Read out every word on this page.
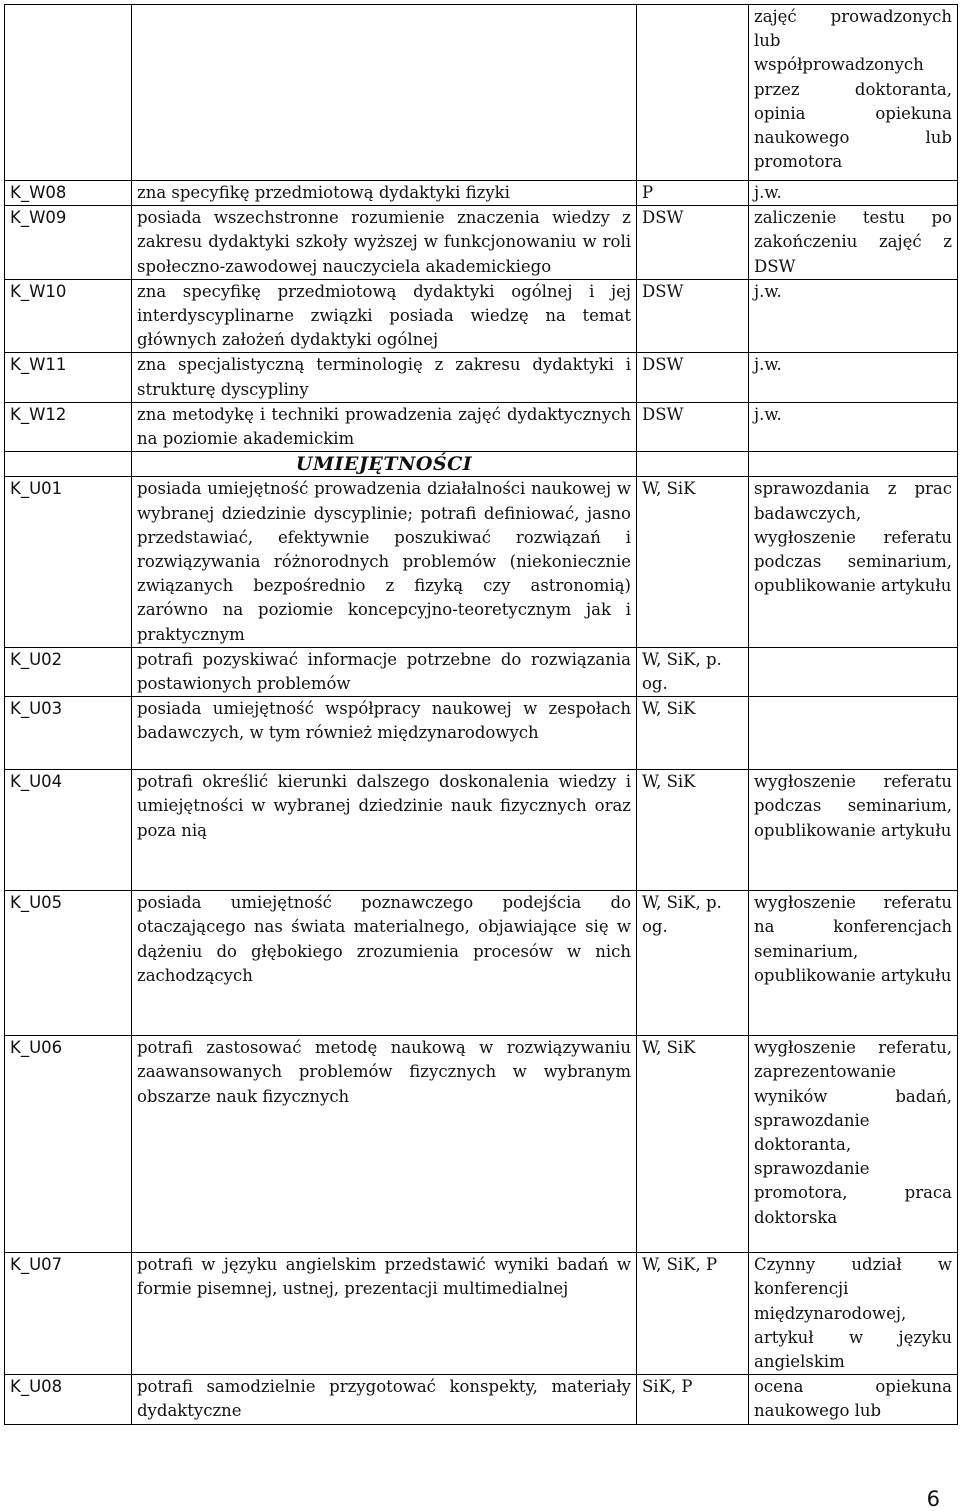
			zajęć prowadzonych lub współprowadzonych przez doktoranta, opinia opiekuna naukowego lub promotora
K_W08	zna specyfikę przedmiotową dydaktyki fizyki	P	j.w.
K_W09	posiada wszechstronne rozumienie znaczenia wiedzy z zakresu dydaktyki szkoły wyższej w funkcjonowaniu w roli społeczno-zawodowej nauczyciela akademickiego	DSW	zaliczenie testu po zakończeniu zajęć z DSW
K_W10	zna specyfikę przedmiotową dydaktyki ogólnej i jej interdyscyplinarne związki posiada wiedzę na temat głównych założeń dydaktyki ogólnej	DSW	j.w.
K_W11	zna specjalistyczną terminologię z zakresu dydaktyki i strukturę dyscypliny	DSW	j.w.
K_W12	zna metodykę i techniki prowadzenia zajęć dydaktycznych na poziomie akademickim	DSW	j.w.
	UMIEJĘTNOŚCI		
K_U01	posiada umiejętność prowadzenia działalności naukowej w wybranej dziedzinie dyscyplinie; potrafi definiować, jasno przedstawiać, efektywnie poszukiwać rozwiązań i rozwiązywania różnorodnych problemów (niekoniecznie związanych bezpośrednio z fizyką czy astronomią) zarówno na poziomie koncepcyjno-teoretycznym jak i praktycznym	W, SiK	sprawozdania z prac badawczych, wygłoszenie referatu podczas seminarium, opublikowanie artykułu
K_U02	potrafi pozyskiwać informacje potrzebne do rozwiązania postawionych problemów	W, SiK, p. og.	
K_U03	posiada umiejętność współpracy naukowej w zespołach badawczych, w tym również międzynarodowych	W, SiK	
K_U04	potrafi określić kierunki dalszego doskonalenia wiedzy i umiejętności w wybranej dziedzinie nauk fizycznych oraz poza nią	W, SiK	wygłoszenie referatu podczas seminarium, opublikowanie artykułu
K_U05	posiada umiejętność poznawczego podejścia do otaczającego nas świata materialnego, objawiające się w dążeniu do głębokiego zrozumienia procesów w nich zachodzących	W, SiK, p. og.	wygłoszenie referatu na konferencjach seminarium, opublikowanie artykułu
K_U06	potrafi zastosować metodę naukową w rozwiązywaniu zaawansowanych problemów fizycznych w wybranym obszarze nauk fizycznych	W, SiK	wygłoszenie referatu, zaprezentowanie wyników badań, sprawozdanie doktoranta, sprawozdanie promotora, praca doktorska
K_U07	potrafi w języku angielskim przedstawić wyniki badań w formie pisemnej, ustnej, prezentacji multimedialnej	W, SiK, P	Czynny udział w konferencji międzynarodowej, artykuł w języku angielskim
K_U08	potrafi samodzielnie przygotować konspekty, materiały dydaktyczne	SiK, P	ocena opiekuna naukowego lub
6
